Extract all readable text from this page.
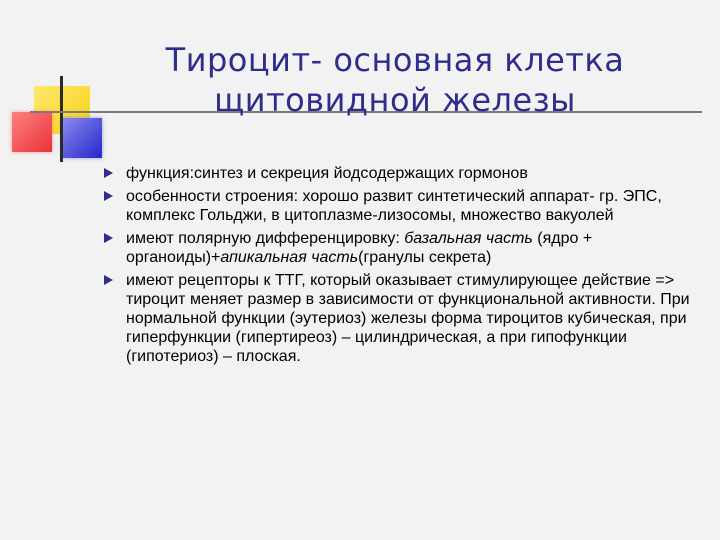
Тироцит- основная клетка
щитовидной железы
функция:синтез и секреция йодсодержащих гормонов
особенности строения: хорошо развит синтетический аппарат- гр. ЭПС, комплекс Гольджи, в цитоплазме-лизосомы, множество вакуолей
имеют полярную дифференцировку: базальная часть (ядро + органоиды)+апикальная часть(гранулы секрета)
имеют рецепторы к ТТГ, который оказывает стимулирующее действие => тироцит меняет размер в зависимости от функциональной активности. При нормальной функции (эутериоз) железы форма тироцитов кубическая, при гиперфункции (гипертиреоз) – цилиндрическая, а при гипофункции (гипотериоз) – плоская.
